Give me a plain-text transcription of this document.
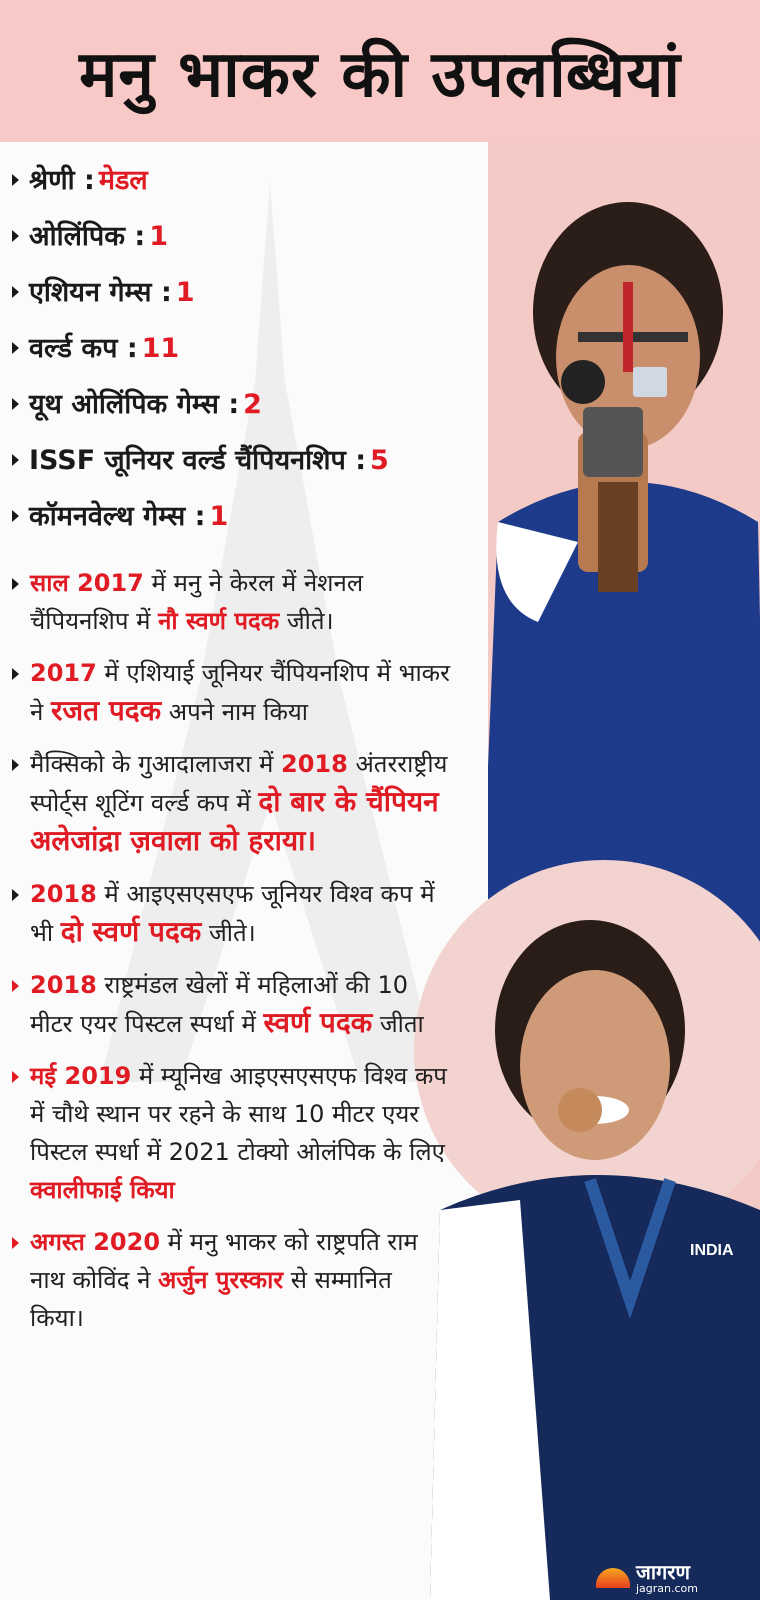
मनु भाकर की उपलब्धियां
INDIA
श्रेणी : मेडल
ओलिंपिक : 1
एशियन गेम्स : 1
वर्ल्ड कप : 11
यूथ ओलिंपिक गेम्स : 2
ISSF जूनियर वर्ल्ड चैंपियनशिप : 5
कॉमनवेल्थ गेम्स : 1

साल 2017 में मनु ने केरल में नेशनल चैंपियनशिप में नौ स्वर्ण पदक जीते।

2017 में एशियाई जूनियर चैंपियनशिप में भाकर ने रजत पदक अपने नाम किया

मैक्सिको के गुआदालाजरा में 2018 अंतरराष्ट्रीय स्पोर्ट्स शूटिंग वर्ल्ड कप में दो बार के चैंपियन अलेजांद्रा ज़वाला को हराया।

2018 में आइएसएसएफ जूनियर विश्व कप में भी दो स्वर्ण पदक जीते।

2018 राष्ट्रमंडल खेलों में महिलाओं की 10 मीटर एयर पिस्टल स्पर्धा में स्वर्ण पदक जीता

मई 2019 में म्यूनिख आइएसएसएफ विश्व कप में चौथे स्थान पर रहने के साथ 10 मीटर एयर पिस्टल स्पर्धा में 2021 टोक्यो ओलंपिक के लिए क्वालीफाई किया

अगस्त 2020 में मनु भाकर को राष्ट्रपति राम नाथ कोविंद ने अर्जुन पुरस्कार से सम्मानित किया।

जागरण
jagran.com
